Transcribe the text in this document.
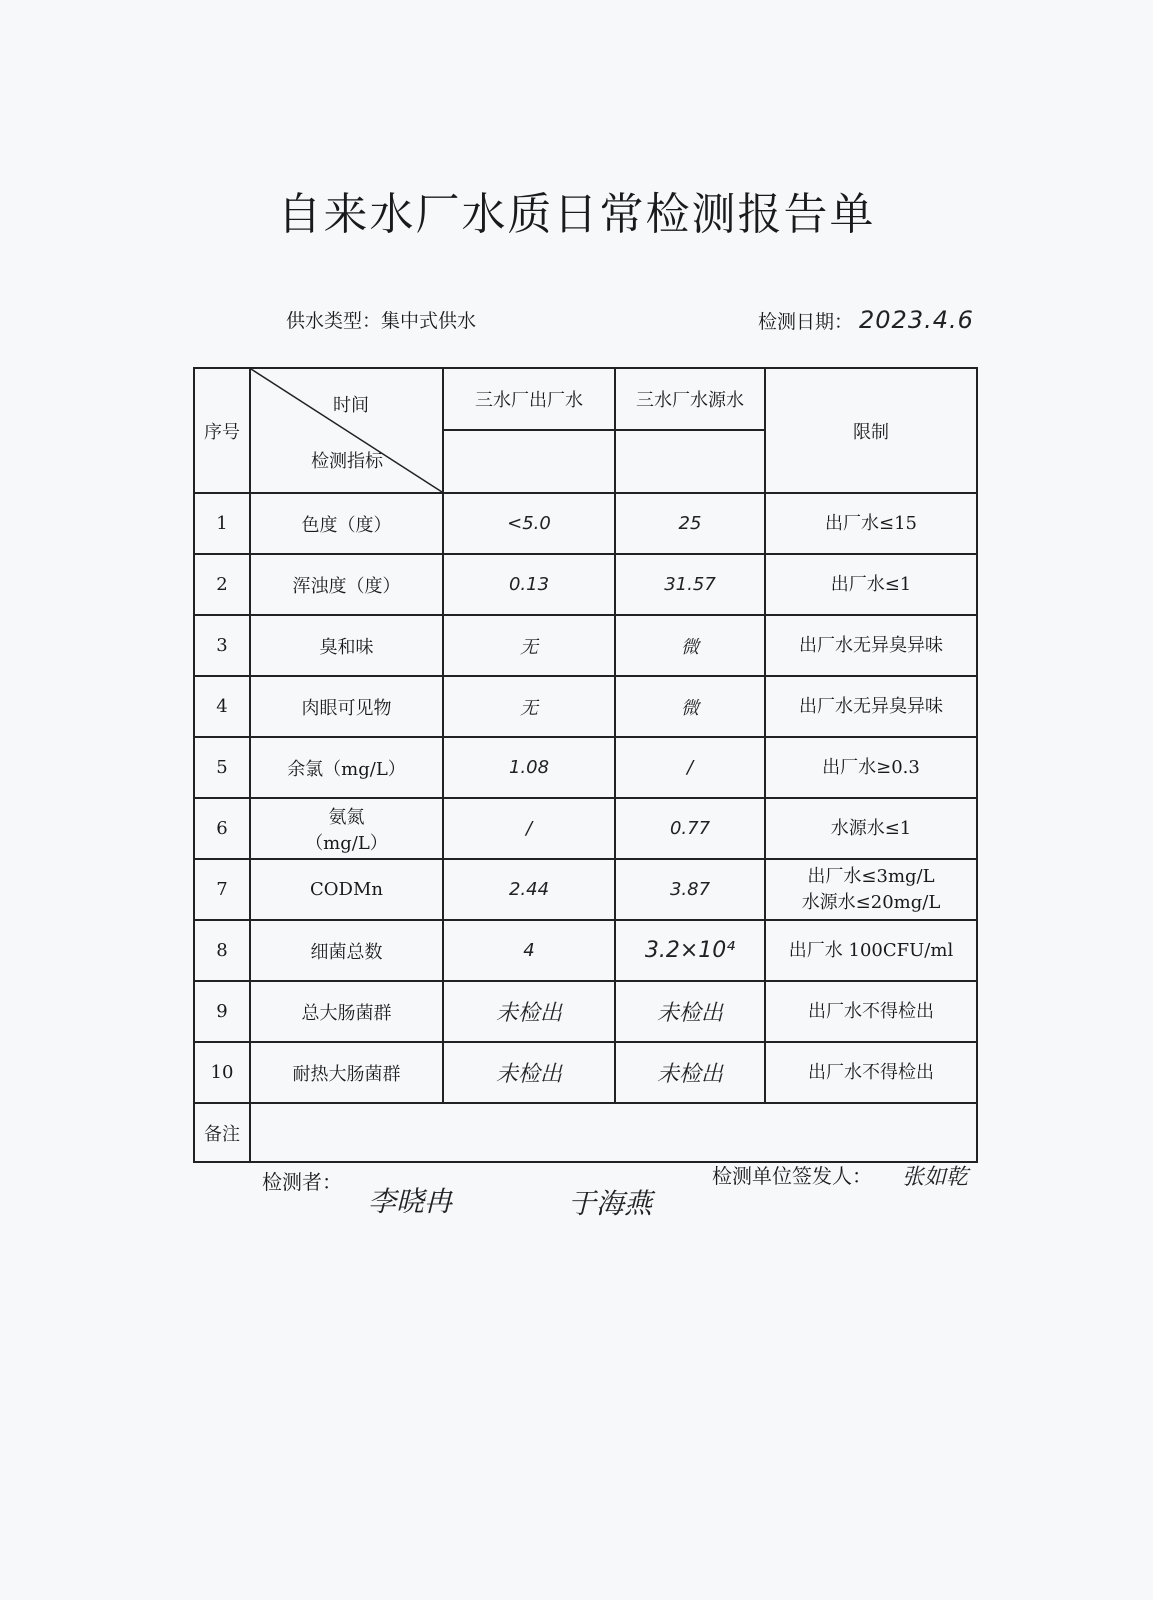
自来水厂水质日常检测报告单
供水类型：集中式供水	检测日期： 2023.4.6
序号	时间
检测指标	三水厂出厂水	三水厂水源水	限制

1	色度（度）	<5.0	25	出厂水≤15
2	浑浊度（度）	0.13	31.57	出厂水≤1
3	臭和味	无	微	出厂水无异臭异味
4	肉眼可见物	无	微	出厂水无异臭异味
5	余氯（mg/L）	1.08	/	出厂水≥0.3
6	氨氮
（mg/L）	/	0.77	水源水≤1
7	CODMn	2.44	3.87	出厂水≤3mg/L
水源水≤20mg/L

8	细菌总数	4	3.2×10⁴	出厂水 100CFU/ml
9	总大肠菌群	未检出	未检出	出厂水不得检出
10	耐热大肠菌群	未检出	未检出	出厂水不得检出
备注				
检测者：
李晓冉	于海燕
检测单位签发人： 张如乾
